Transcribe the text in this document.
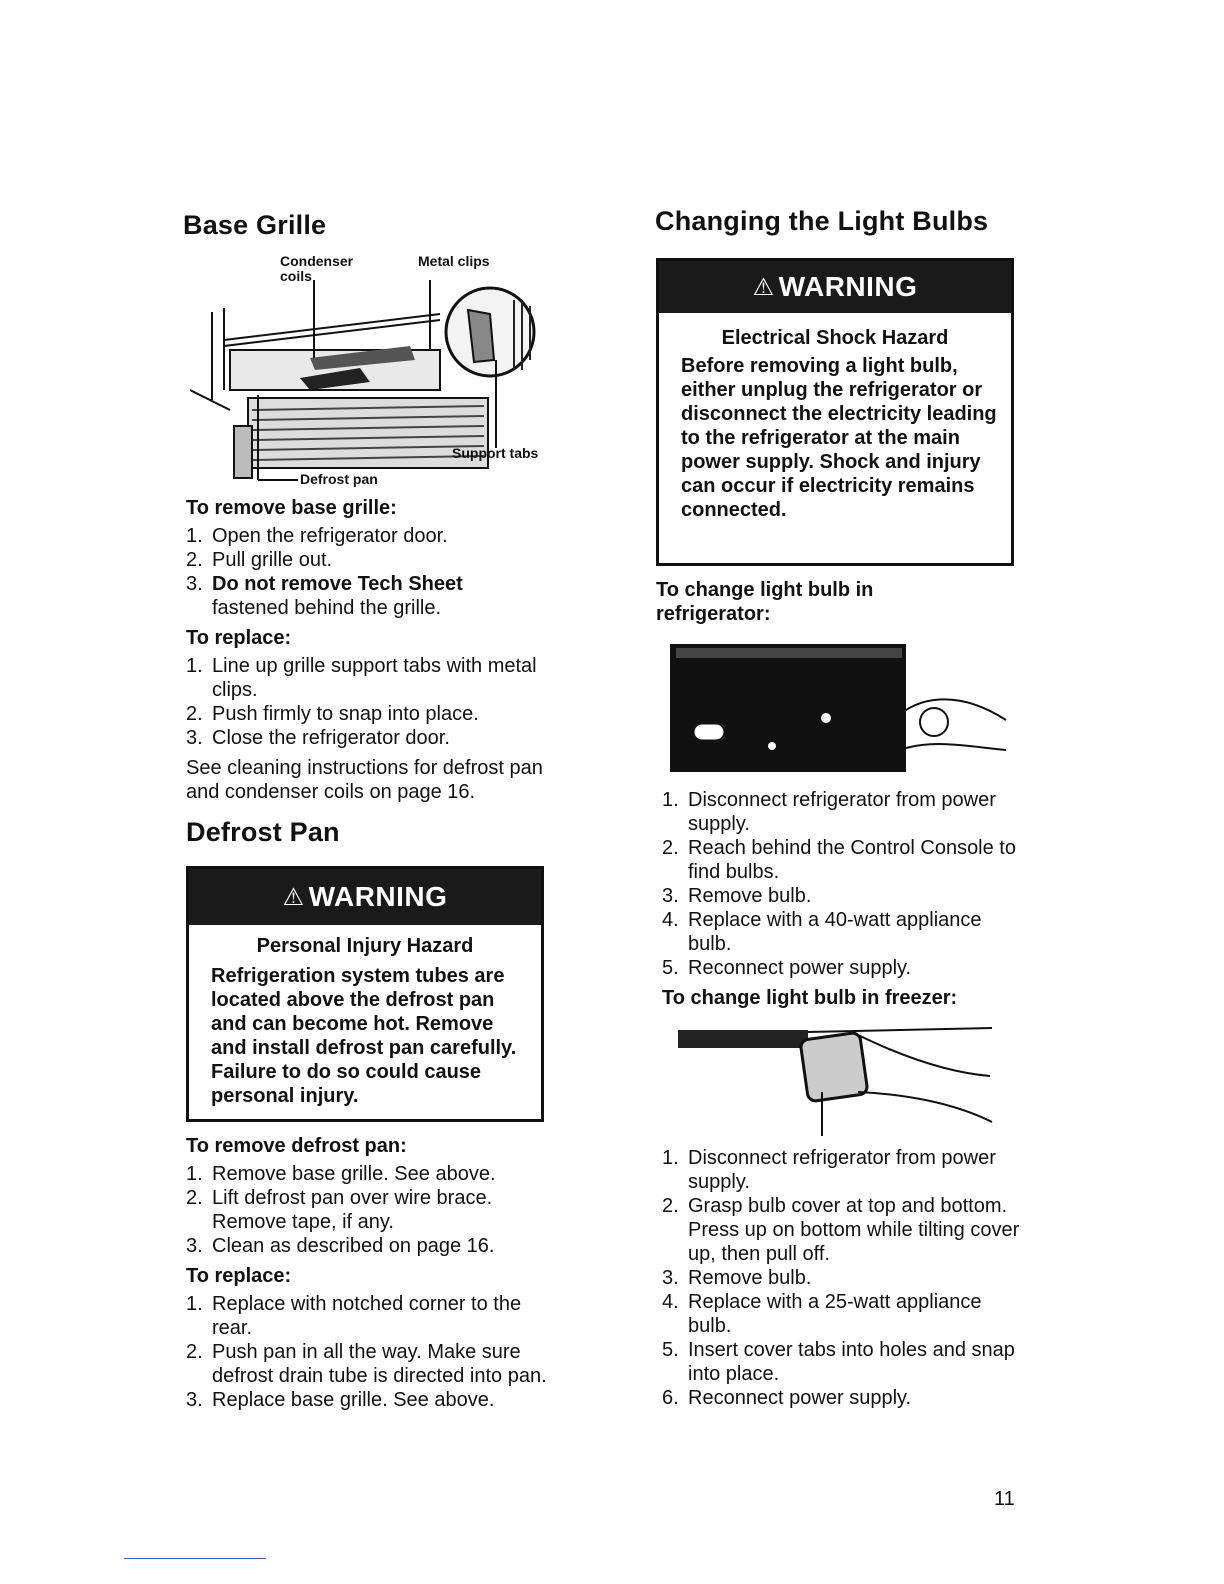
Base Grille
Condenser coils
Metal clips
Support tabs
Defrost pan

To remove base grille:

1. Open the refrigerator door.
2. Pull grille out.
3. Do not remove Tech Sheet
fastened behind the grille.

To replace:

1. Line up grille support tabs with metal clips.
2. Push firmly to snap into place.
3. Close the refrigerator door.

See cleaning instructions for defrost pan and condenser coils on page 16.

Defrost Pan
⚠ WARNING

Personal Injury Hazard

Refrigeration system tubes are located above the defrost pan and can become hot. Remove and install defrost pan carefully. Failure to do so could cause personal injury.

To remove defrost pan:

1. Remove base grille. See above.
2. Lift defrost pan over wire brace. Remove tape, if any.
3. Clean as described on page 16.

To replace:

1. Replace with notched corner to the rear.
2. Push pan in all the way. Make sure defrost drain tube is directed into pan.
3. Replace base grille. See above.
Changing the Light Bulbs
⚠ WARNING

Electrical Shock Hazard

Before removing a light bulb, either unplug the refrigerator or disconnect the electricity leading to the refrigerator at the main power supply. Shock and injury can occur if electricity remains connected.

To change light bulb in refrigerator:

1. Disconnect refrigerator from power supply.
2. Reach behind the Control Console to find bulbs.
3. Remove bulb.
4. Replace with a 40-watt appliance bulb.
5. Reconnect power supply.

To change light bulb in freezer:

1. Disconnect refrigerator from power supply.
2. Grasp bulb cover at top and bottom. Press up on bottom while tilting cover up, then pull off.
3. Remove bulb.
4. Replace with a 25-watt appliance bulb.
5. Insert cover tabs into holes and snap into place.
6. Reconnect power supply.
11
